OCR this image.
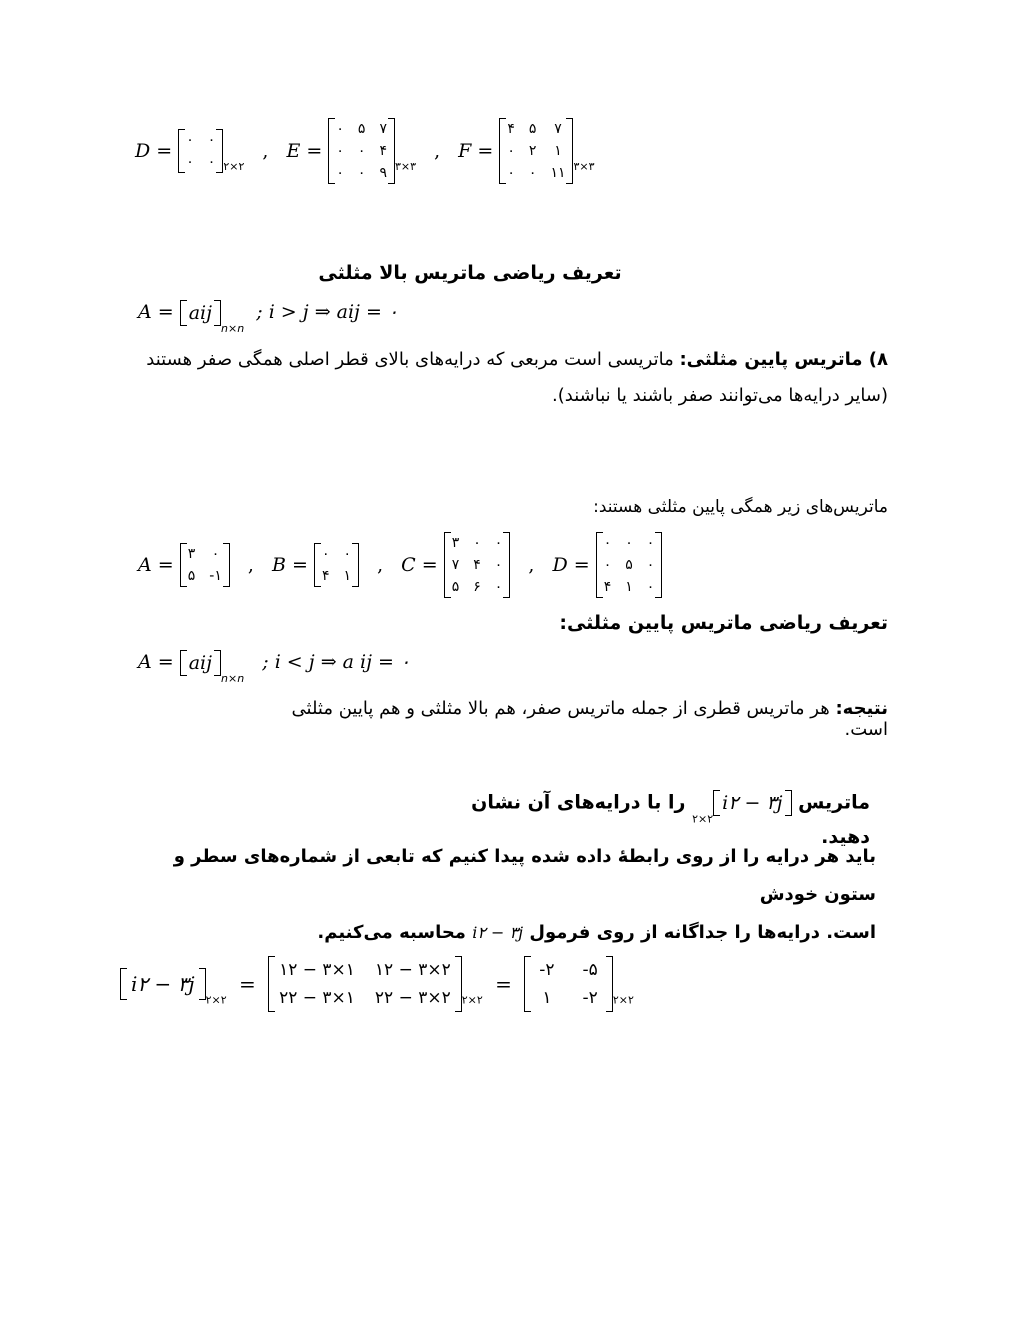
D = ۰	۰
۰	۰ $_{۲\times ۲}$ , E =
۰	۵	۷
۰	۰	۴
۰	۰	۹ $_{۳\times ۳}$ , F =
۴	۵	۷
۰	۲	۱
۰	۰	۱۱ $_{۳\times ۳}$
تعریف ریاضی ماتریس بالا مثلثی
A = aij$_{n\times n}$ ; i > j ⇒ aij = ۰
۸) ماتریس پایین مثلثی: ماتریسی است مربعی که درایه‌های بالای قطر اصلی همگی صفر هستند (سایر درایه‌ها می‌توانند صفر باشند یا نباشند).
ماتریس‌های زیر همگی پایین مثلثی هستند:
A = ۳	۰
۵	-۱ , B = ۰	۰
۴	۱ , C =
۳	۰	۰
۷	۴	۰
۵	۶	۰
, D =
۰	۰	۰
۰	۵	۰
۴	۱	۰
تعریف ریاضی ماتریس پایین مثلثی:
A = aij$_{n\times n}$ ; i < j ⇒ a ij = ۰
نتیجه: هر ماتریس قطری از جمله ماتریس صفر، هم بالا مثلثی و هم پایین مثلثی است.
ماتریس i۲ − $۳j_{۲\times ۲}$ را با درایه‌های آن نشان دهید.

باید هر درایه را از روی رابطهٔ داده شده پیدا کنیم که تابعی از شماره‌های سطر و ستون خودش

است. درایه‌ها را جداگانه از روی فرمول i۲ − ۳j محاسبه می‌کنیم.

i۲ − $۳j_{۲\times ۲}$ =
۱۲ − ۳×۱	۱۲ − ۳×۲
۲۲ − ۳×۱	۲۲ − ۳×۲ $_{۲\times ۲}$ =
-۲	-۵
۱	-۲ $_{۲\times ۲}$
